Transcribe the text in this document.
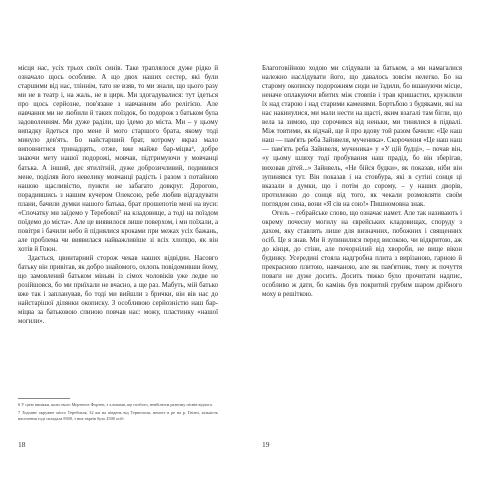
місця нас, усіх трьох своїх синів. Таке траплялося дуже рідко й означало щось особливе. А що двох наших сестер, які були старшими від нас, тліннім, тато не взяв, то ми знали, що цього разу ми не в театр і, на жаль, не в цирк. Ми здогадувалися: тут ідеться про щось серйозне, пов'язане з навчанням або релігією. Але навчання ми не любили й таких поїздок, бо подорож з батьком була задоволенням. Ми дуже раділи, що їдемо до міста. Ми – у цьому випадку йдеться про мене й мого старшого брата, якому тоді минуло дев'ять. Бо найстарший брат, котрому якраз мало виповнитися тринадцять, отже, вже майже бар-міцва⁶, добре знаючи мету нашої подорожі, мовчав, підтримуючи у мовчанці батька. А інший, деє ятилітній, дуже доброзичливий, подивився мене, поділяв його невелику мовчанці радість і разом з потайною нашою щасливістю, пункти не забагато довкруг. Дорогою, порадившись з нашим кучером Олексою, ребе любив відгадувати плани, бачили думки нашого батька, брат прошепотів мені на вуси: «Спочатку ми заїдемо у Теребовлі⁷ на кладовище, а тоді на поїздом поїдемо до міста». Але це виявилося лише поверхом, і ми поїхали, а повітря і бачили небо й піднялися кроками при межах усіх бажань, але проблема чи виявилася найважливіше зі всіх хлопцю, як він хотів й Гоюн.

Здається, цвинтарний сторож чекав наших відвідин. Насовго батьку він привітав, як добро знайомого, охлопь повідомивши йому, що замовлений батьком міньян із сімох чоловіків уже ледве не розійшовся, бо ми приїхали не вчасно, а ще раз. Мабуть, мій батько вже так і запланував, бо тоді ми вийшли з брички, він вів нас до найстарішої ділянки окописку. З особливою серйозністю наш бар-міцва за батьковою спиною повчав нас: можу, пластинку «нашої могили».

6 У цією книжки, коли свого Мортеноє Фортен, з хлопами, ще позбого, невбілюєм разному піснів відчого.

7 Тодішнє окружне місто Теребовля, 32 км на південь від Тернополя, немоєт в ре на р. Гнізні, кількість населення тоді складала 8300, з них євреїв було 2500 осіб.

18

Благоговійною ходою ми слідували за батьком, а ми намагалися належно наслідувати його, що давалось зовсім нелегко. Бо на старому окописку подорожням сюди не їздили, бо вшануючи місце, неначе оплакуючи вбитих між стовпів і трав кришастих, кружляли їх над старою і над старими каменями. Бортьбою з будяками, які на нас накинулися, ми мали нести на щасті, яким взагалі там бігли, що вела за зимою, що сорочився від неньки, ми тинялися в підвалі. Між товтими, як відчай, ще й про вдову той разом бачили: «Це наш наш — пам'ять реба Зайнвеля, мученика». Скорочення «Це наш наш — пам'ять реба Зайнвеля, мученика» у «У цій будці», – почав він, «у цьому шляху тоді пробування наш прадід, бо він зберігав, виховав дітей...» Зайнвель, «Не бійся будки», як показав, ніби він зупинявся тут. Він показав і на стовбура, які в сутіні сонця ці вказали в думки, що і потім до сорому, – у наших дворів, протилежно до сонця від того, як чекали розмовляти своїм поглядом сина, вони «Я сів на сою!» Пишномовна знак.

Огель – гебрайське слово, що означає намет. Але так називають і окрему почесну могилу на єврейських кладовищах, споруду з дахом, яку ставлять лише для визначних, побожних і священних осіб. Це я знав. Ми й зупинилися перед високою, чи відкритою, аж до кінця, до стіни, але почорнілий від хвороби, не вище вікон будинку. Усередині стояла надгробна плита з вирізаною, гарною й прекрасною плитою, навчаною, але як пам'ятник, тому ж почуття поваги не дуже досить. Досить тяжко було прочитати надпис, особливо ж дати, бо камінь був покритий грубим шаром дрібного моху в решіткою.

19
